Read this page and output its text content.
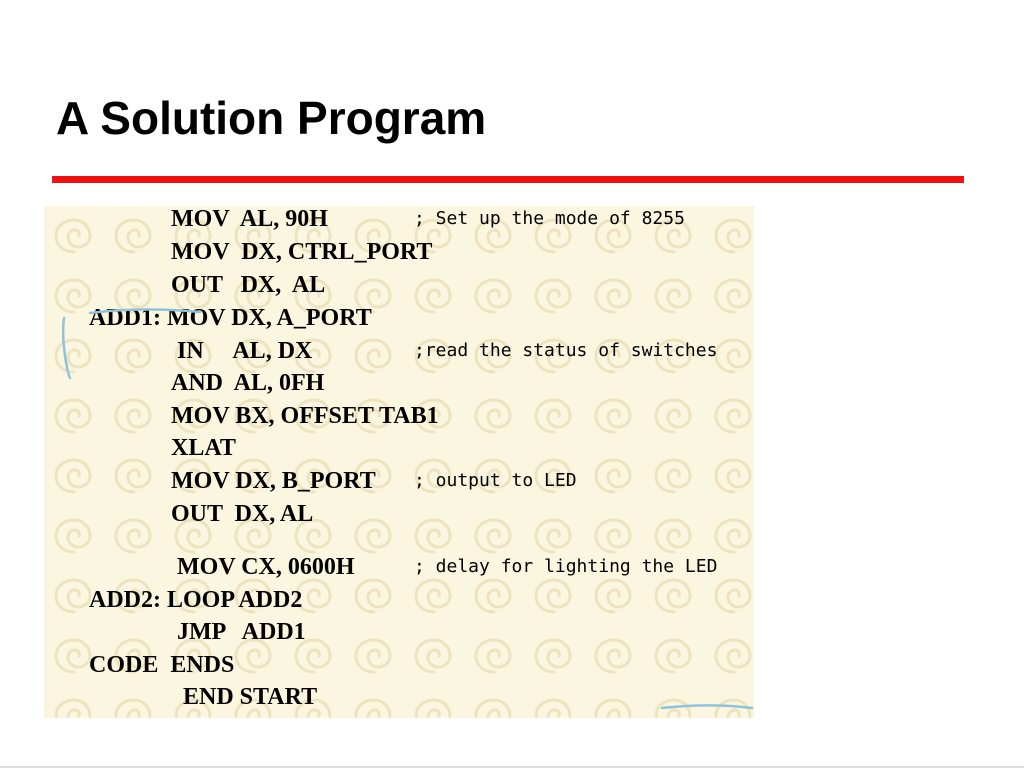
A Solution Program
MOV  AL, 90H	; Set up the mode of 8255
MOV  DX, CTRL_PORT
OUT   DX,  AL
ADD1: MOV DX, A_PORT
IN     AL, DX	;read the status of switches
AND  AL, 0FH
MOV BX, OFFSET TAB1
XLAT
MOV DX, B_PORT ; output to LED
OUT  DX, AL
MOV CX, 0600H	; delay for lighting the LED
ADD2: LOOP ADD2
JMP   ADD1
CODE  ENDS
END START
